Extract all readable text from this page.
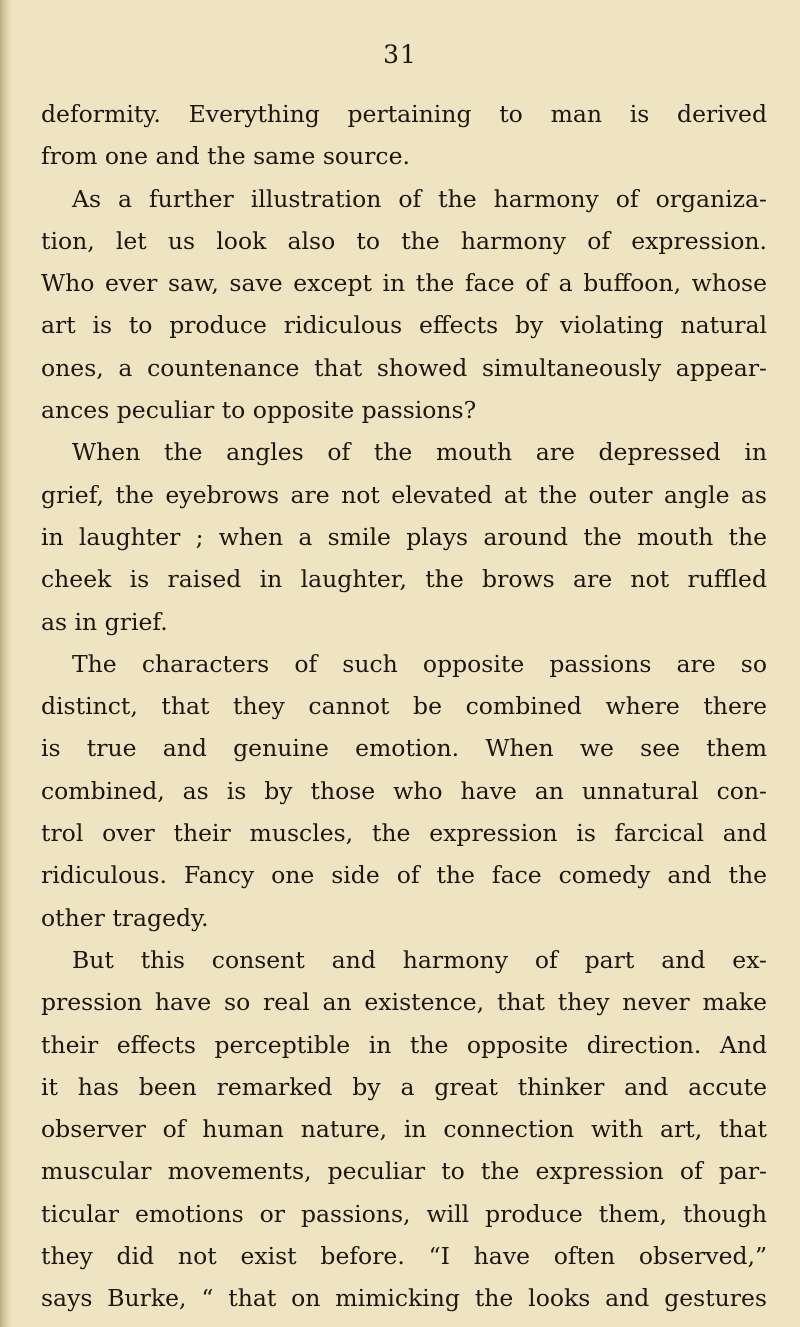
31
deformity. Everything pertaining to man is derived
from one and the same source.
As a further illustration of the harmony of organiza-
tion, let us look also to the harmony of expression.
Who ever saw, save except in the face of a buffoon, whose
art is to produce ridiculous effects by violating natural
ones, a countenance that showed simultaneously appear-
ances peculiar to opposite passions?
When the angles of the mouth are depressed in
grief, the eyebrows are not elevated at the outer angle as
in laughter ; when a smile plays around the mouth the
cheek is raised in laughter, the brows are not ruffled
as in grief.
The characters of such opposite passions are so
distinct, that they cannot be combined where there
is true and genuine emotion. When we see them
combined, as is by those who have an unnatural con-
trol over their muscles, the expression is farcical and
ridiculous. Fancy one side of the face comedy and the
other tragedy.
But this consent and harmony of part and ex-
pression have so real an existence, that they never make
their effects perceptible in the opposite direction. And
it has been remarked by a great thinker and accute
observer of human nature, in connection with art, that
muscular movements, peculiar to the expression of par-
ticular emotions or passions, will produce them, though
they did not exist before. “I have often observed,”
says Burke, “ that on mimicking the looks and gestures
